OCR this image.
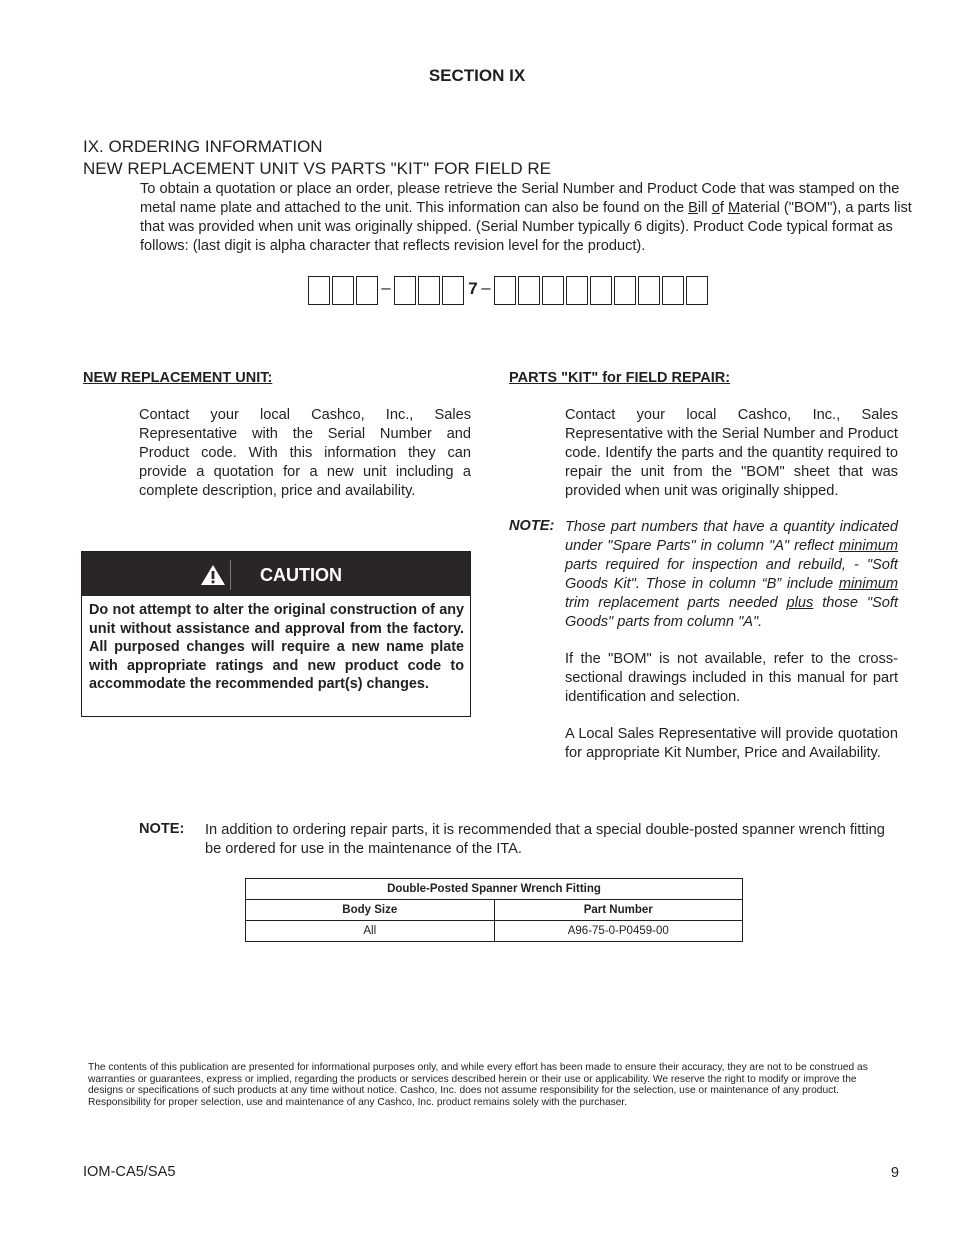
SECTION IX
IX. ORDERING INFORMATION
NEW REPLACEMENT UNIT VS PARTS "KIT" FOR FIELD RE
To obtain a quotation or place an order, please retrieve the Serial Number and Product Code that was stamped on the metal name plate and attached to the unit. This information can also be found on the Bill of Material ("BOM"), a parts list that was provided when unit was originally shipped. (Serial Number typically 6 digits). Product Code typical format as follows: (last digit is alpha character that reflects revision level for the product).
–	7 –
NEW REPLACEMENT UNIT:
Contact your local Cashco, Inc., Sales Representative with the Serial Number and Product code. With this information they can provide a quotation for a new unit including a complete description, price and availability.
CAUTION
Do not attempt to alter the original construction of any unit without assistance and approval from the factory. All purposed changes will require a new name plate with appropriate ratings and new product code to accommodate the recommended part(s) changes.
PARTS "KIT" for FIELD REPAIR:
Contact your local Cashco, Inc., Sales Representative with the Serial Number and Product code. Identify the parts and the quantity required to repair the unit from the "BOM" sheet that was provided when unit was originally shipped.
NOTE: Those part numbers that have a quantity indicated under "Spare Parts" in column "A" reflect minimum parts required for inspection and rebuild, - "Soft Goods Kit". Those in column “B” include minimum trim replacement parts needed plus those "Soft Goods" parts from column "A".
If the "BOM" is not available, refer to the cross-sectional drawings included in this manual for part identification and selection.
A Local Sales Representative will provide quotation for appropriate Kit Number, Price and Availability.
NOTE: In addition to ordering repair parts, it is recommended that a special double-posted spanner wrench fitting be ordered for use in the maintenance of the ITA.
Double-Posted Spanner Wrench Fitting	
Body Size	Part Number
All	A96-75-0-P0459-00
The contents of this publication are presented for informational purposes only, and while every effort has been made to ensure their accuracy, they are not to be construed as warranties or guarantees, express or implied, regarding the products or services described herein or their use or applicability. We reserve the right to modify or improve the designs or specifications of such products at any time without notice. Cashco, Inc. does not assume responsibility for the selection, use or maintenance of any product. Responsibility for proper selection, use and maintenance of any Cashco, Inc. product remains solely with the purchaser.
IOM-CA5/SA5	9
